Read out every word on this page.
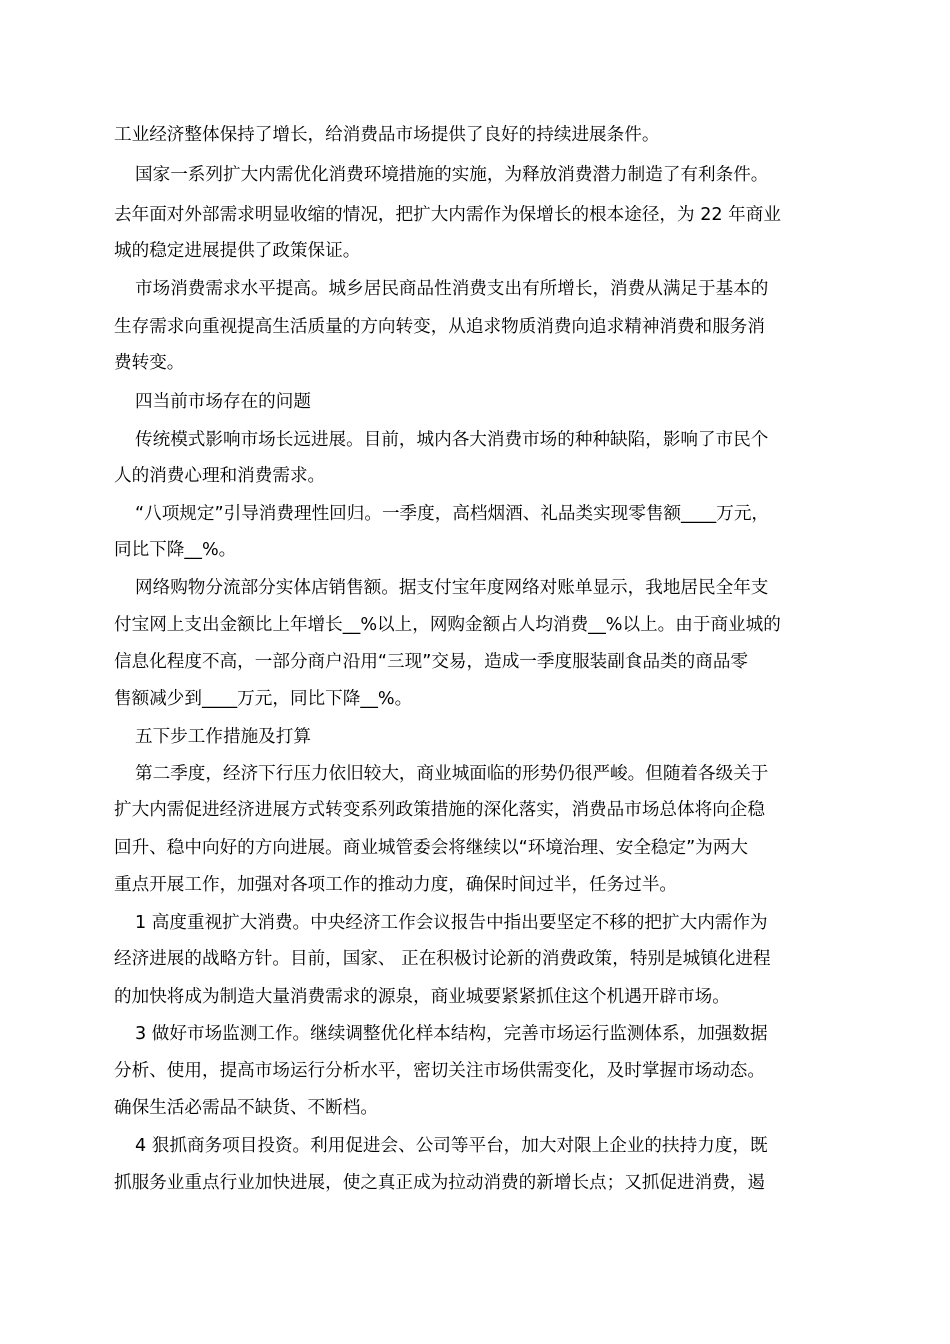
工业经济整体保持了增长，给消费品市场提供了良好的持续进展条件。
国家一系列扩大内需优化消费环境措施的实施，为释放消费潜力制造了有利条件。
去年面对外部需求明显收缩的情况，把扩大内需作为保增长的根本途径，为 22 年商业
城的稳定进展提供了政策保证。
市场消费需求水平提高。城乡居民商品性消费支出有所增长，消费从满足于基本的
生存需求向重视提高生活质量的方向转变，从追求物质消费向追求精神消费和服务消
费转变。
四当前市场存在的问题
传统模式影响市场长远进展。目前，城内各大消费市场的种种缺陷，影响了市民个
人的消费心理和消费需求。
“八项规定”引导消费理性回归。一季度，高档烟酒、礼品类实现零售额____万元，
同比下降__%。
网络购物分流部分实体店销售额。据支付宝年度网络对账单显示，我地居民全年支
付宝网上支出金额比上年增长__%以上，网购金额占人均消费__%以上。由于商业城的
信息化程度不高，一部分商户沿用“三现”交易，造成一季度服装副食品类的商品零
售额减少到____万元，同比下降__%。
五下步工作措施及打算
第二季度，经济下行压力依旧较大，商业城面临的形势仍很严峻。但随着各级关于
扩大内需促进经济进展方式转变系列政策措施的深化落实，消费品市场总体将向企稳
回升、稳中向好的方向进展。商业城管委会将继续以“环境治理、安全稳定”为两大
重点开展工作，加强对各项工作的推动力度，确保时间过半，任务过半。
1 高度重视扩大消费。中央经济工作会议报告中指出要坚定不移的把扩大内需作为
经济进展的战略方针。目前，国家、 正在积极讨论新的消费政策，特别是城镇化进程
的加快将成为制造大量消费需求的源泉，商业城要紧紧抓住这个机遇开辟市场。
3 做好市场监测工作。继续调整优化样本结构，完善市场运行监测体系，加强数据
分析、使用，提高市场运行分析水平，密切关注市场供需变化，及时掌握市场动态。
确保生活必需品不缺货、不断档。
4 狠抓商务项目投资。利用促进会、公司等平台，加大对限上企业的扶持力度，既
抓服务业重点行业加快进展，使之真正成为拉动消费的新增长点；又抓促进消费，遏
